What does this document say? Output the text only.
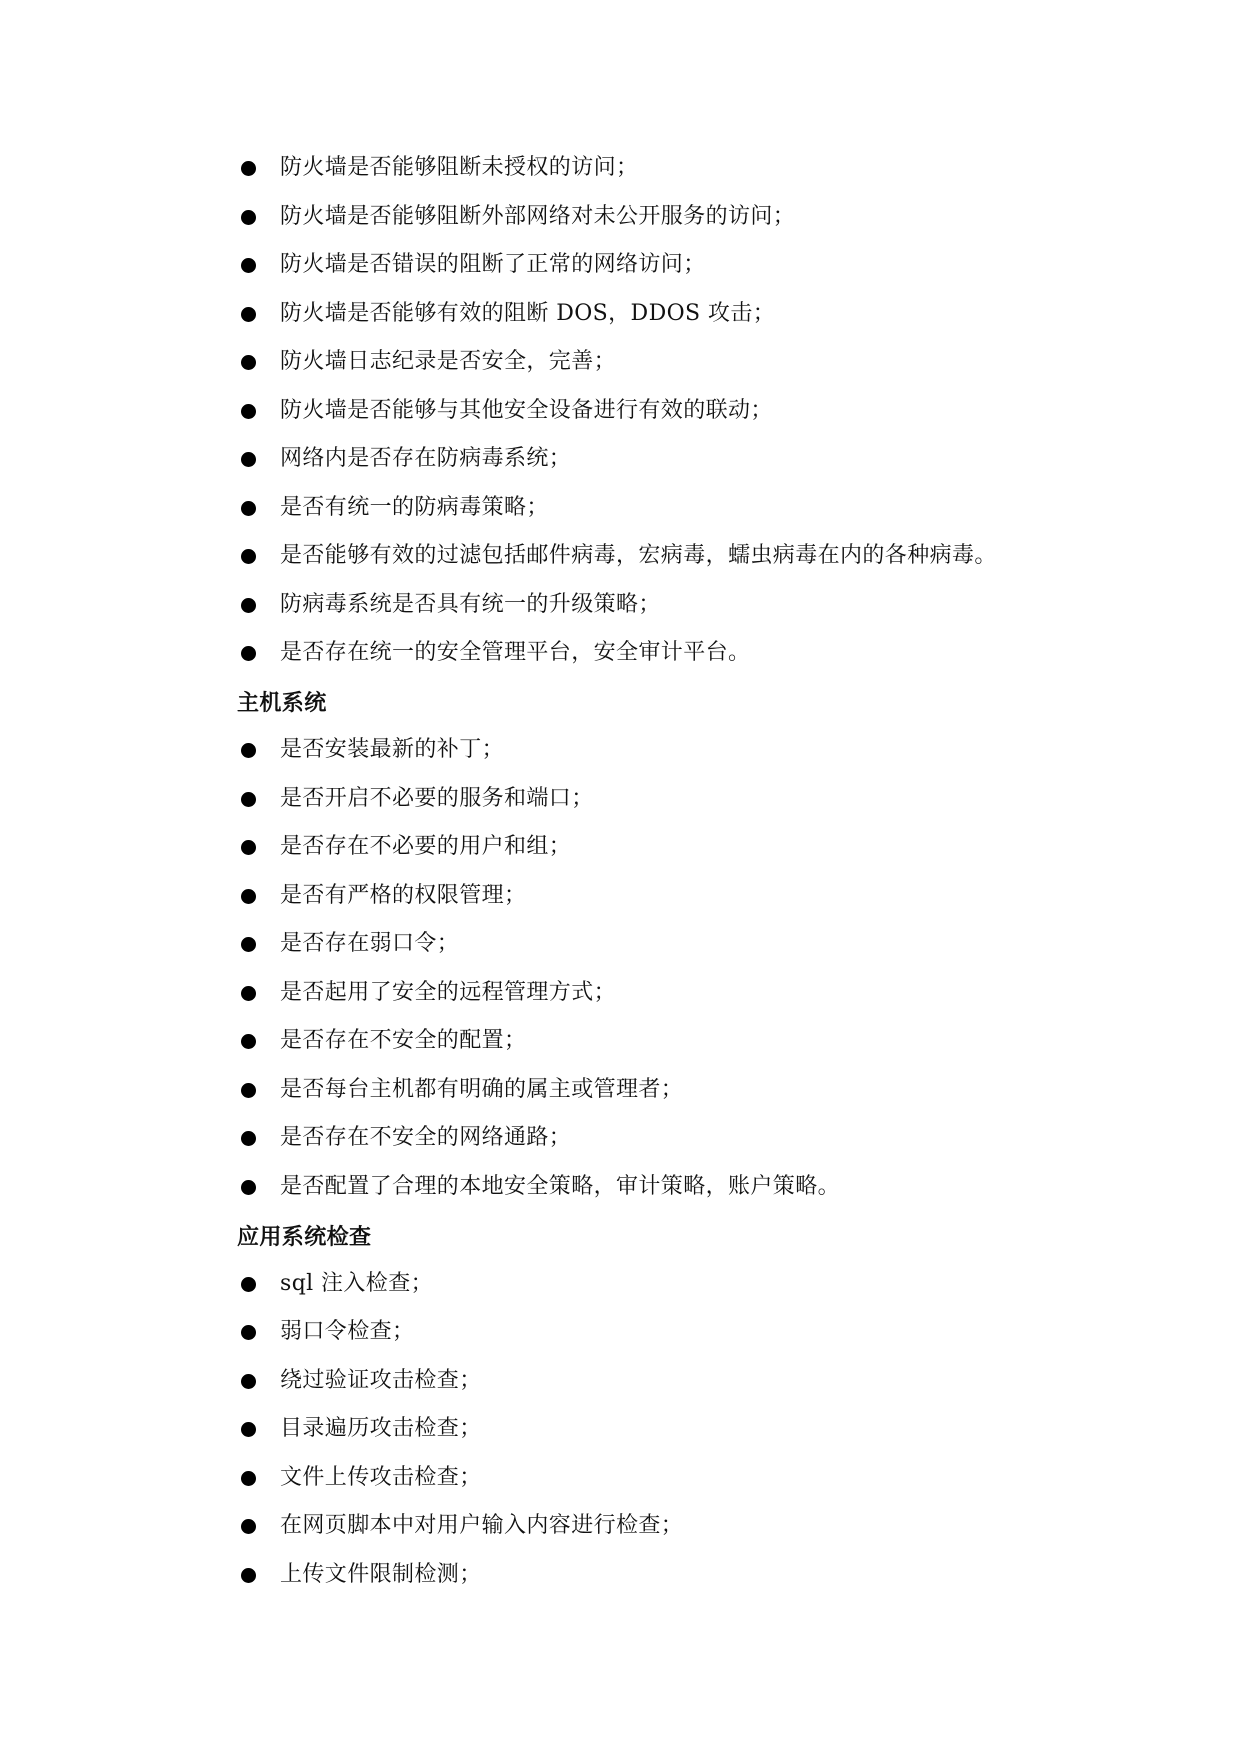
防火墙是否能够阻断未授权的访问；
防火墙是否能够阻断外部网络对未公开服务的访问；
防火墙是否错误的阻断了正常的网络访问；
防火墙是否能够有效的阻断 DOS，DDOS 攻击；
防火墙日志纪录是否安全，完善；
防火墙是否能够与其他安全设备进行有效的联动；
网络内是否存在防病毒系统；
是否有统一的防病毒策略；
是否能够有效的过滤包括邮件病毒，宏病毒，蠕虫病毒在内的各种病毒。
防病毒系统是否具有统一的升级策略；
是否存在统一的安全管理平台，安全审计平台。
主机系统
是否安装最新的补丁；
是否开启不必要的服务和端口；
是否存在不必要的用户和组；
是否有严格的权限管理；
是否存在弱口令；
是否起用了安全的远程管理方式；
是否存在不安全的配置；
是否每台主机都有明确的属主或管理者；
是否存在不安全的网络通路；
是否配置了合理的本地安全策略，审计策略，账户策略。
应用系统检查
sql 注入检查；
弱口令检查；
绕过验证攻击检查；
目录遍历攻击检查；
文件上传攻击检查；
在网页脚本中对用户输入内容进行检查；
上传文件限制检测；
